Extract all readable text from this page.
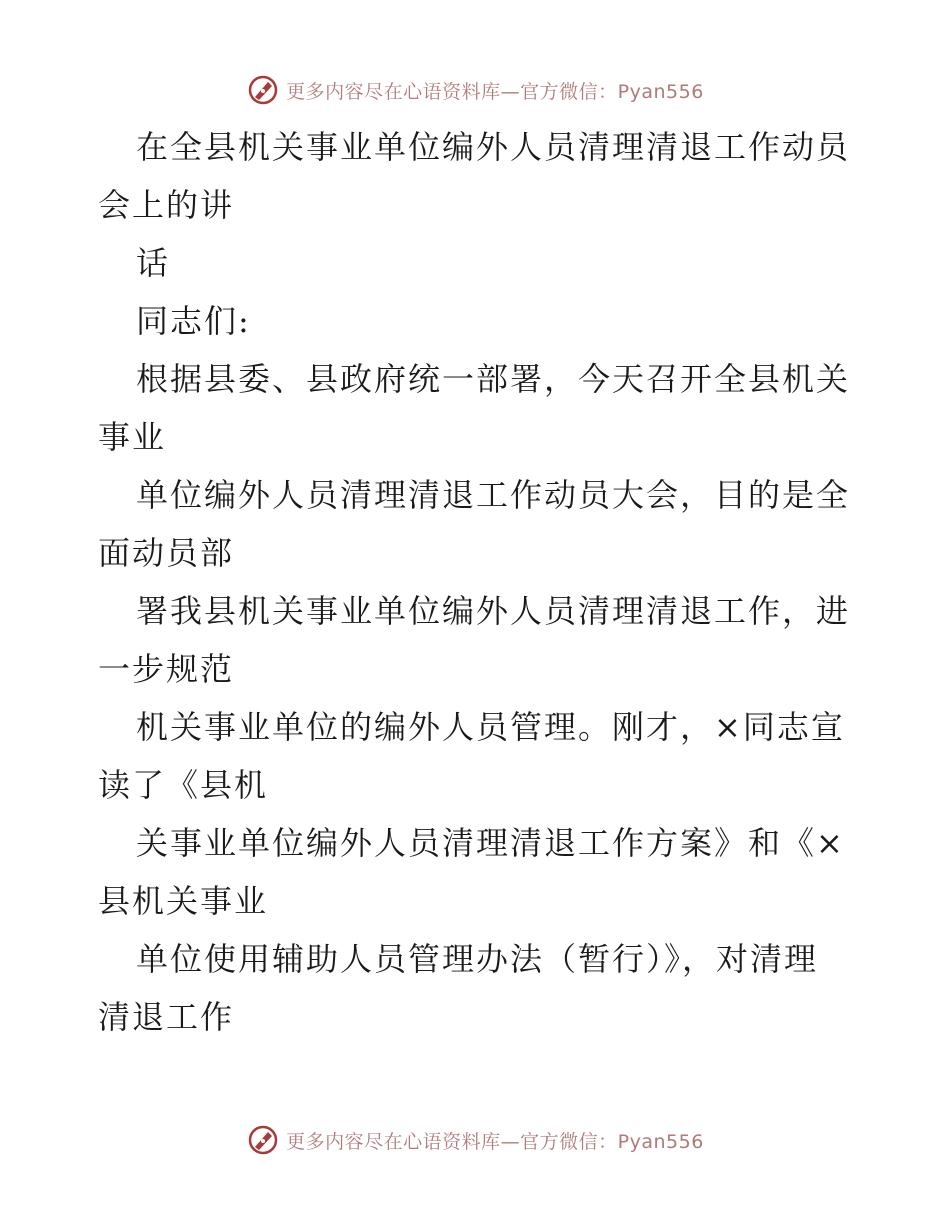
更多内容尽在心语资料库—官方微信：Pyan556
在全县机关事业单位编外人员清理清退工作动员
会上的讲
话
同志们:
根据县委、县政府统一部署，今天召开全县机关
事业
单位编外人员清理清退工作动员大会，目的是全
面动员部
署我县机关事业单位编外人员清理清退工作，进
一步规范
机关事业单位的编外人员管理。刚才，×同志宣
读了《县机
关事业单位编外人员清理清退工作方案》和《×
县机关事业
单位使用辅助人员管理办法（暂行）》，对清理
清退工作
更多内容尽在心语资料库—官方微信：Pyan556
